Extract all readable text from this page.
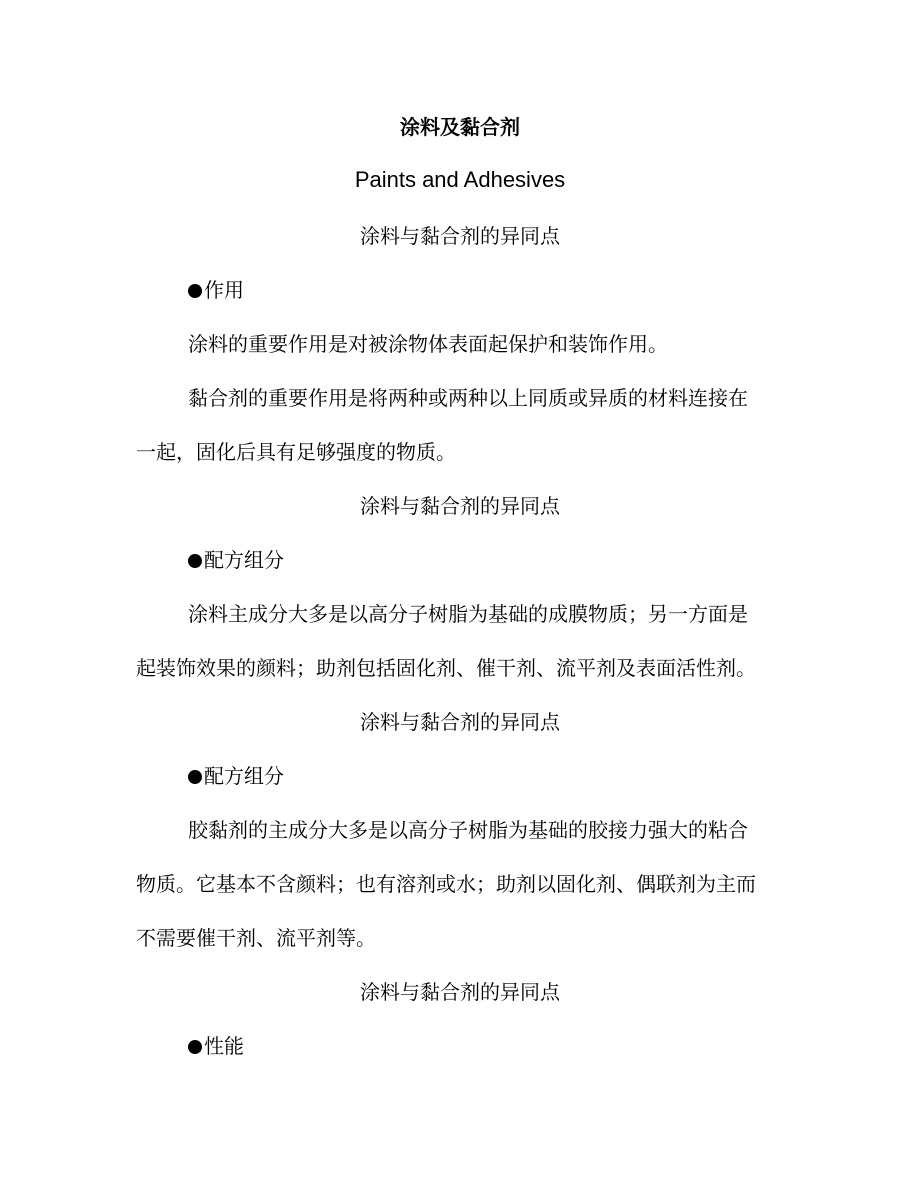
涂料及黏合剂
Paints and Adhesives
涂料与黏合剂的异同点
作用
涂料的重要作用是对被涂物体表面起保护和装饰作用。
黏合剂的重要作用是将两种或两种以上同质或异质的材料连接在
一起，固化后具有足够强度的物质。
涂料与黏合剂的异同点
配方组分
涂料主成分大多是以高分子树脂为基础的成膜物质；另一方面是
起装饰效果的颜料；助剂包括固化剂、催干剂、流平剂及表面活性剂。
涂料与黏合剂的异同点
配方组分
胶黏剂的主成分大多是以高分子树脂为基础的胶接力强大的粘合
物质。它基本不含颜料；也有溶剂或水；助剂以固化剂、偶联剂为主而
不需要催干剂、流平剂等。
涂料与黏合剂的异同点
性能
